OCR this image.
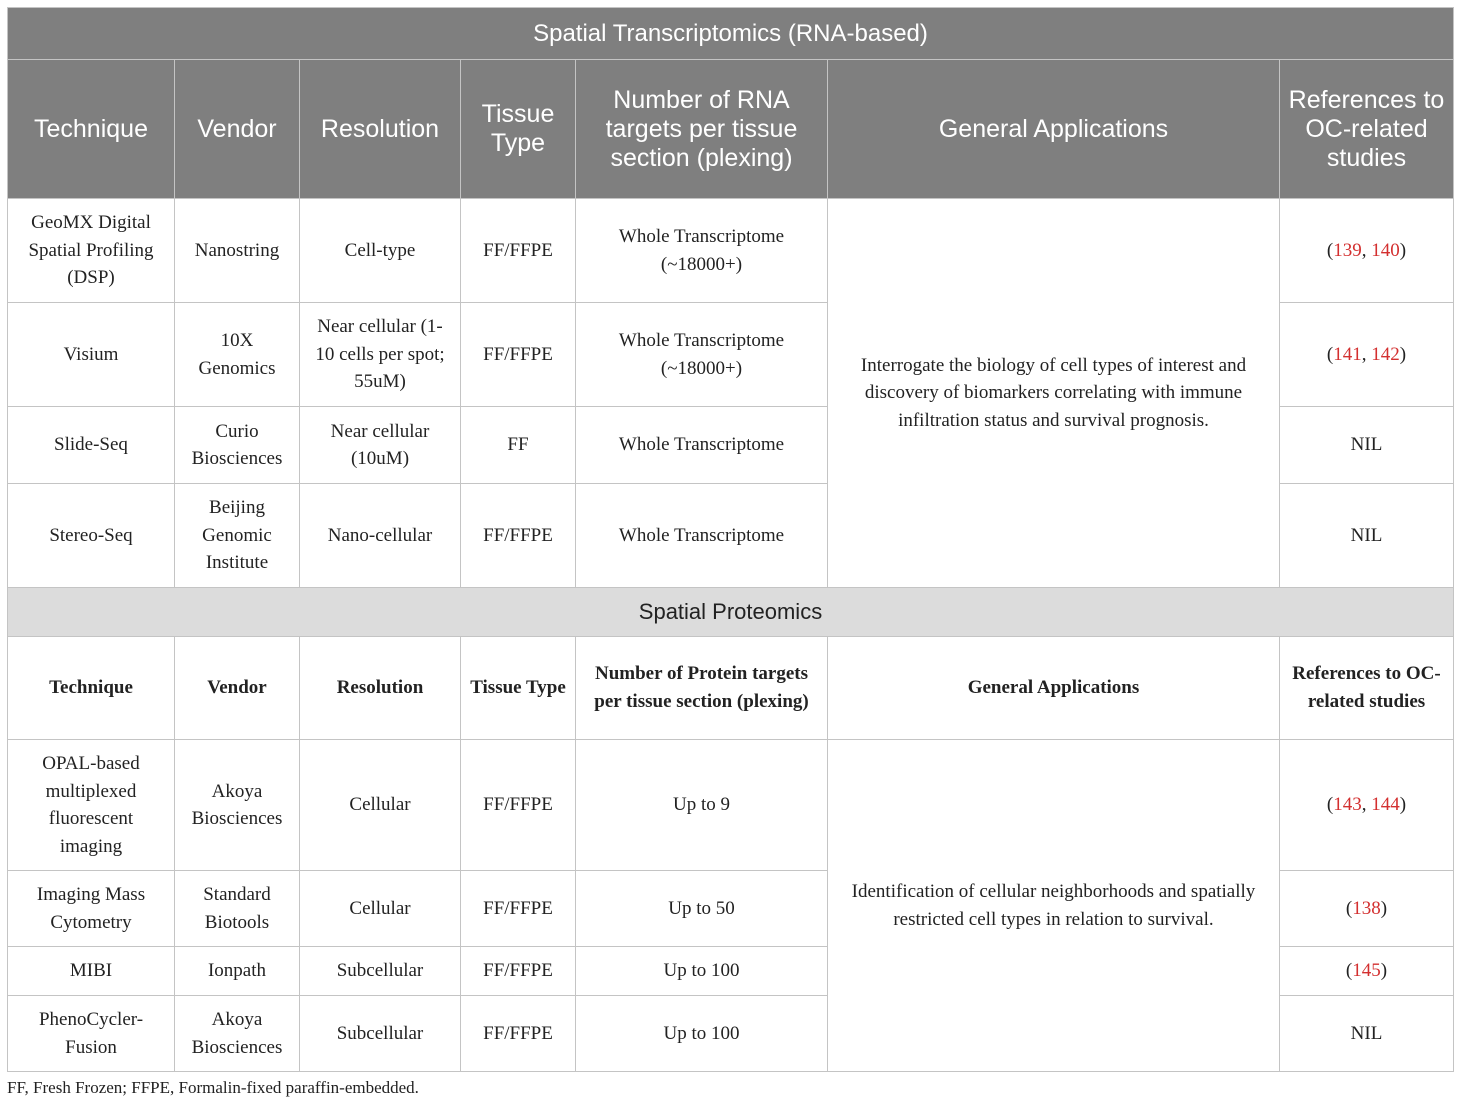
Spatial Transcriptomics (RNA-based)						
Technique	Vendor	Resolution	Tissue Type	Number of RNA targets per tissue section (plexing)	General Applications	References to OC-related studies
GeoMX Digital Spatial Profiling (DSP)	Nanostring	Cell-type	FF/FFPE	Whole Transcriptome (~18000+)	Interrogate the biology of cell types of interest and discovery of biomarkers correlating with immune infiltration status and survival prognosis.	(139, 140)
Visium	10X Genomics	Near cellular (1-10 cells per spot; 55uM)	FF/FFPE	Whole Transcriptome (~18000+)		(141, 142)
Slide-Seq	Curio Biosciences	Near cellular (10uM)	FF	Whole Transcriptome		NIL
Stereo-Seq	Beijing Genomic Institute	Nano-cellular	FF/FFPE	Whole Transcriptome		NIL
Spatial Proteomics						
Technique	Vendor	Resolution	Tissue Type	Number of Protein targets per tissue section (plexing)	General Applications	References to OC-related studies
OPAL-based multiplexed fluorescent imaging	Akoya Biosciences	Cellular	FF/FFPE	Up to 9	Identification of cellular neighborhoods and spatially restricted cell types in relation to survival.	(143, 144)
Imaging Mass Cytometry	Standard Biotools	Cellular	FF/FFPE	Up to 50		(138)
MIBI	Ionpath	Subcellular	FF/FFPE	Up to 100		(145)
PhenoCycler-Fusion	Akoya Biosciences	Subcellular	FF/FFPE	Up to 100		NIL
FF, Fresh Frozen; FFPE, Formalin-fixed paraffin-embedded.
